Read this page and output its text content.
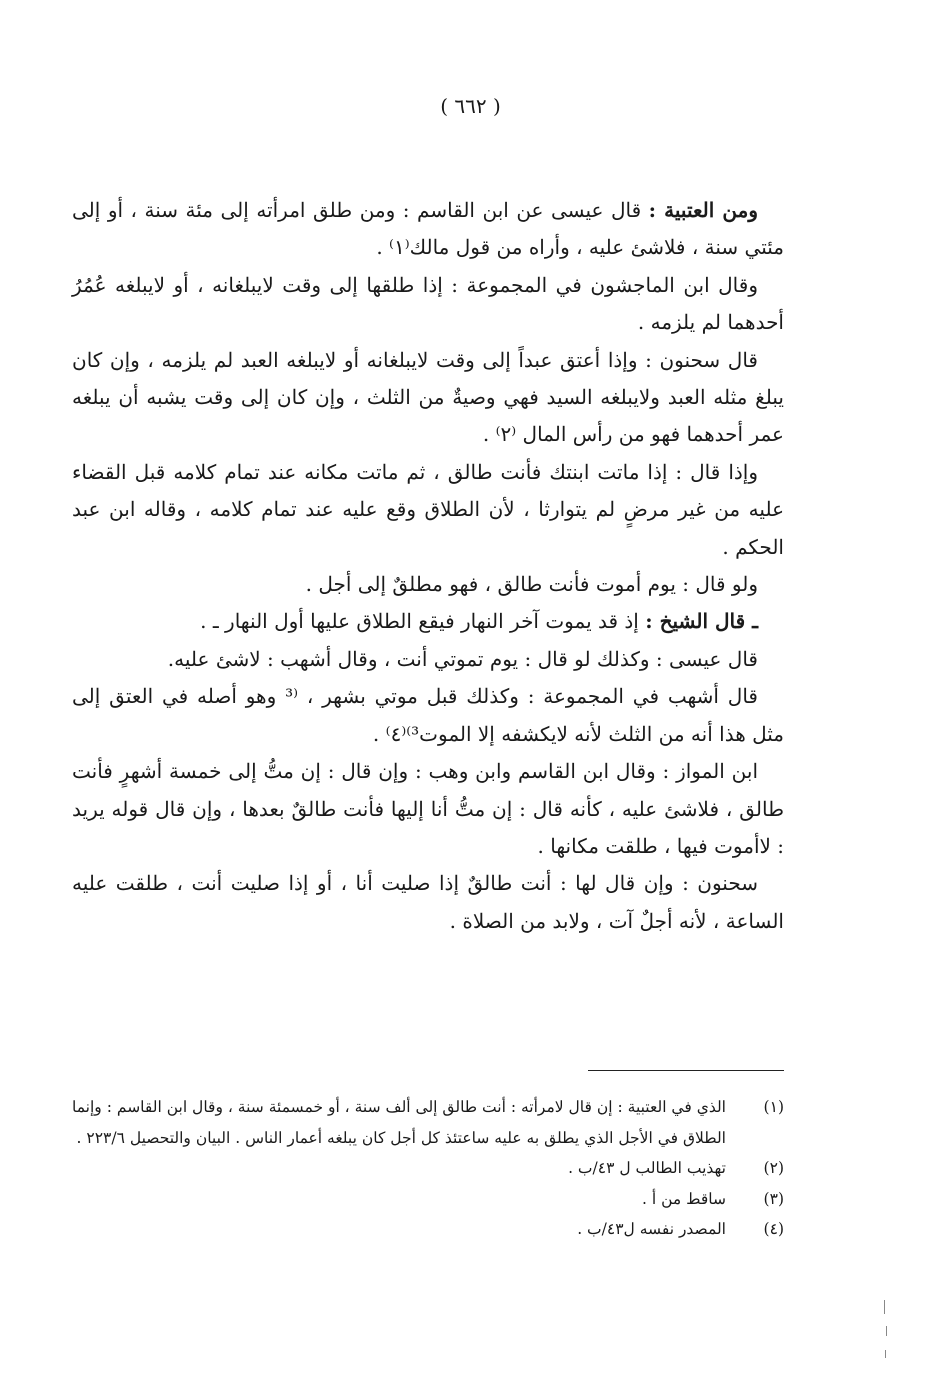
( ٦٦٢ )

ومن العتبية : قال عيسى عن ابن القاسم : ومن طلق امرأته إلى مئة سنة ، أو إلى مئتي سنة ، فلاشئ عليه ، وأراه من قول مالك⁽١⁾ .

وقال ابن الماجشون في المجموعة : إذا طلقها إلى وقت لايبلغانه ، أو لايبلغه عُمُرُ أحدهما لم يلزمه .

قال سحنون : وإذا أعتق عبداً إلى وقت لايبلغانه أو لايبلغه العبد لم يلزمه ، وإن كان يبلغ مثله العبد ولايبلغه السيد فهي وصيةٌ من الثلث ، وإن كان إلى وقت يشبه أن يبلغه عمر أحدهما فهو من رأس المال ⁽٢⁾ .

وإذا قال : إذا ماتت ابنتك فأنت طالق ، ثم ماتت مكانه عند تمام كلامه قبل القضاء عليه من غير مرضٍ لم يتوارثا ، لأن الطلاق وقع عليه عند تمام كلامه ، وقاله ابن عبد الحكم .

ولو قال : يوم أموت فأنت طالق ، فهو مطلقٌ إلى أجل .

ـ قال الشيخ : إذ قد يموت آخر النهار فيقع الطلاق عليها أول النهار ـ .

قال عيسى : وكذلك لو قال : يوم تموتي أنت ، وقال أشهب : لاشئ عليه.

قال أشهب في المجموعة : وكذلك قبل موتي بشهر ، ⁽³ وهو أصله في العتق إلى مثل هذا أنه من الثلث لأنه لايكشفه إلا الموت³⁾⁽٤⁾ .

ابن المواز : وقال ابن القاسم وابن وهب : وإن قال : إن متُّ إلى خمسة أشهرٍ فأنت طالق ، فلاشئ عليه ، كأنه قال : إن متُّ أنا إليها فأنت طالقٌ بعدها ، وإن قال قوله يريد : لاأموت فيها ، طلقت مكانها .

سحنون : وإن قال لها : أنت طالقٌ إذا صليت أنا ، أو إذا صليت أنت ، طلقت عليه الساعة ، لأنه أجلٌ آت ، ولابد من الصلاة .

(١)
الذي في العتبية : إن قال لامرأته : أنت طالق إلى ألف سنة ، أو خمسمئة سنة ، وقال ابن القاسم : وإنما الطلاق في الأجل الذي يطلق به عليه ساعتئذ كل أجل كان يبلغه أعمار الناس . البيان والتحصيل ٢٢٣/٦ .
(٢)
تهذيب الطالب ل ٤٣/ب .
(٣)
ساقط من أ .
(٤)
المصدر نفسه ل٤٣/ب .
